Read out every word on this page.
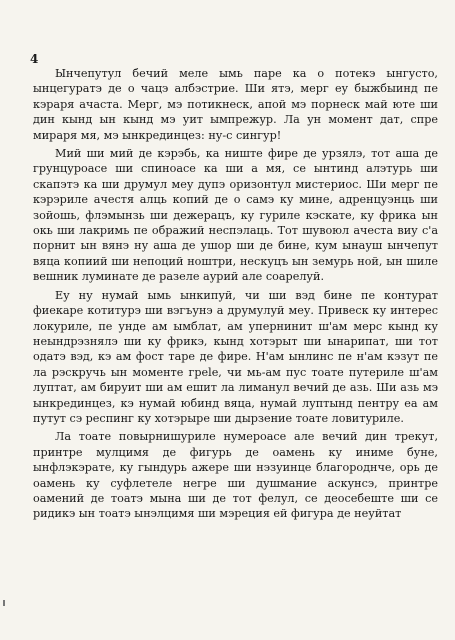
4

Ынчепутул бечий меле ымь паре ка о потекэ ынгусто, ынцегуратэ де о чацэ албэстрие. Ши ятэ, мерг еу быжбыинд пе кэраря ачаста. Мерг, мэ потикнеск, апой мэ порнеск май юте ши дин кынд ын кынд мэ уит ымпрежур. Ла ун момент дат, спре мираря мя, мэ ынкрединцез: ну-с сингур!

Мий ши мий де кэрэбь, ка ниште фире де урзялэ, тот аша де грунцуроасе ши спиноасе ка ши а мя, се ынтинд алэтурь ши скапэтэ ка ши друмул меу дупэ оризонтул мистериос. Ши мерг пе кэрэриле ачестя алць копий де о самэ ку мине, адренцуэнць ши зойошь, флэмынзь ши дежерацъ, ку гуриле кэскате, ку фрика ын окь ши лакримь пе ображий неспэлаць. Тот шувоюл ачеста виу с'а порнит ын вянэ ну аша де ушор ши де бине, кум ынауш ынчепут вяца копиий ши непоций ноштри, нескуцъ ын земурь ной, ын шиле вешник луминате де разеле аурий але соарелуй.

Еу ну нумай ымь ынкипуй, чи ши вэд бине пе контурат фиекаре котитурэ ши вэгъунэ а друмулуй меу. Привеск ку интерес локуриле, пе унде ам ымблат, ам упернинит ш'ам мерс кынд ку неындрэзнялэ ши ку фрикэ, кынд хотэрыт ши ынарипат, ши тот одатэ вэд, кэ ам фост таре де фире. Н'ам ынлинс пе н'ам кэзут пе ла рэскручь ын моменте грele, чи мь-ам пус тоате путериле ш'ам луптат, ам бируит ши ам ешит ла лиманул вечий де азь. Ши азь мэ ынкрединцез, кэ нумай юбинд вяца, нумай луптынд пентру еа ам путут сэ респинг ку хотэрыре ши дырзение тоате ловитуриле.

Ла тоате повырнишуриле нумероасе але вечий дин трекут, принтре мулцимя де фигурь де оамень ку иниме буне, ынфлэкэрате, ку гындурь ажере ши нэзуинце благороднче, орь де оамень ку суфлетеле негре ши душмание аскунсэ, принтре оамений де тоатэ мына ши де тот фелул, се деосебеште ши се ридикэ ын тоатэ ынэлцимя ши мэреция ей фигура де неуйтат
